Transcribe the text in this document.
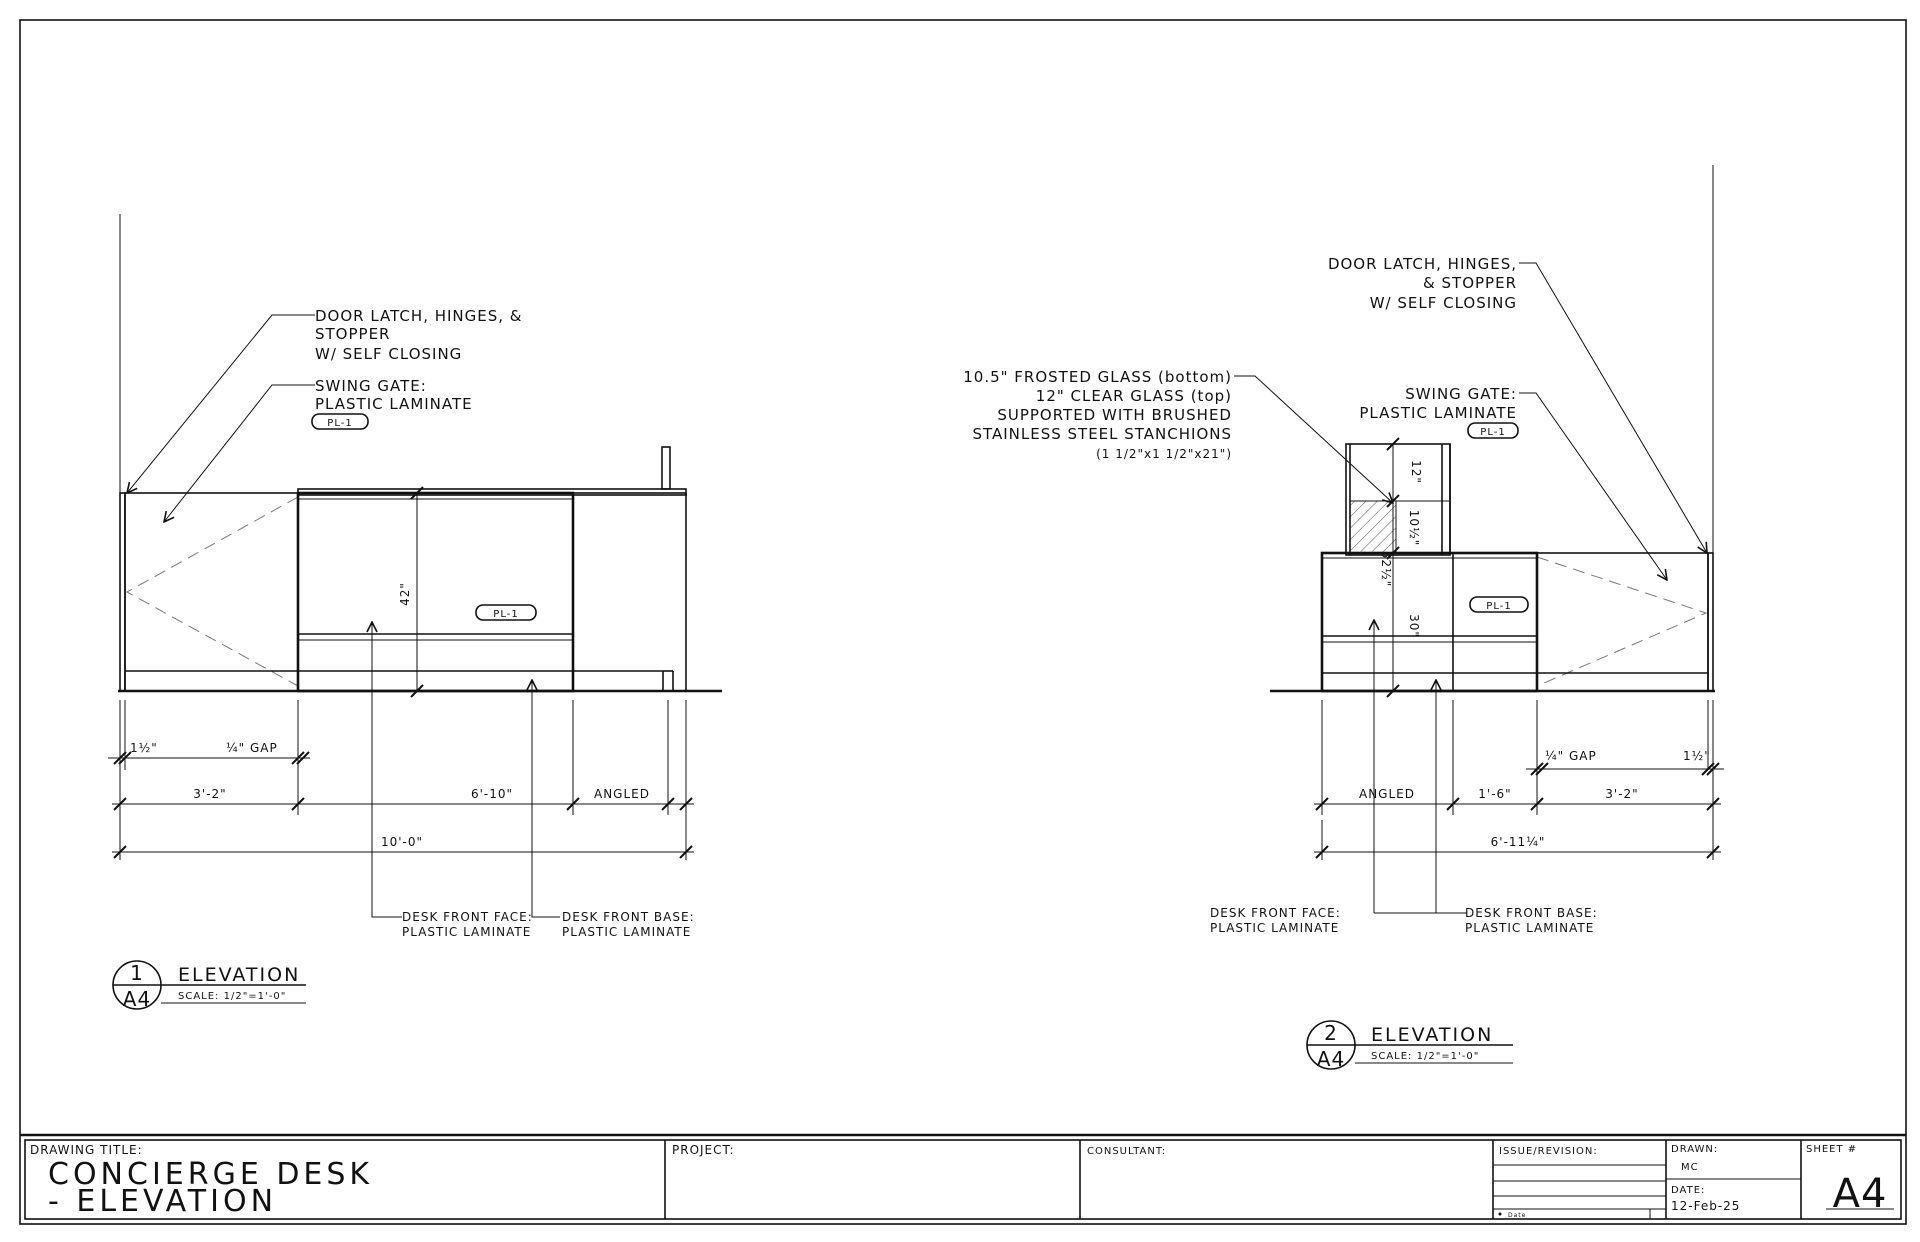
DOOR LATCH, HINGES, &
STOPPER
W/ SELF CLOSING
SWING GATE:
PLASTIC LAMINATE
PL-1
PL-1
42"
1½"	¼" GAP
3'-2"	6'-10"	ANGLED
10'-0"
DESK FRONT FACE:
PLASTIC LAMINATE
DESK FRONT BASE:
PLASTIC LAMINATE
1
A4
ELEVATION
SCALE: 1/2"=1'-0"
DOOR LATCH, HINGES,
& STOPPER
W/ SELF CLOSING
SWING GATE:
PLASTIC LAMINATE
PL-1
PL-1
10.5" FROSTED GLASS (bottom)
12" CLEAR GLASS (top)
SUPPORTED WITH BRUSHED
STAINLESS STEEL STANCHIONS
(1 1/2"x1 1/2"x21")
12"
10½"
52½"
30"
ANGLED	1'-6"	3'-2"
¼" GAP	1½"
6'-11¼"
DESK FRONT FACE:
PLASTIC LAMINATE
DESK FRONT BASE:
PLASTIC LAMINATE
2
A4
ELEVATION
SCALE: 1/2"=1'-0"
DRAWING TITLE:
CONCIERGE DESK
- ELEVATION
PROJECT:	CONSULTANT:	ISSUE/REVISION:
Date
DRAWN:
MC
DATE:
12-Feb-25
SHEET #
A4
